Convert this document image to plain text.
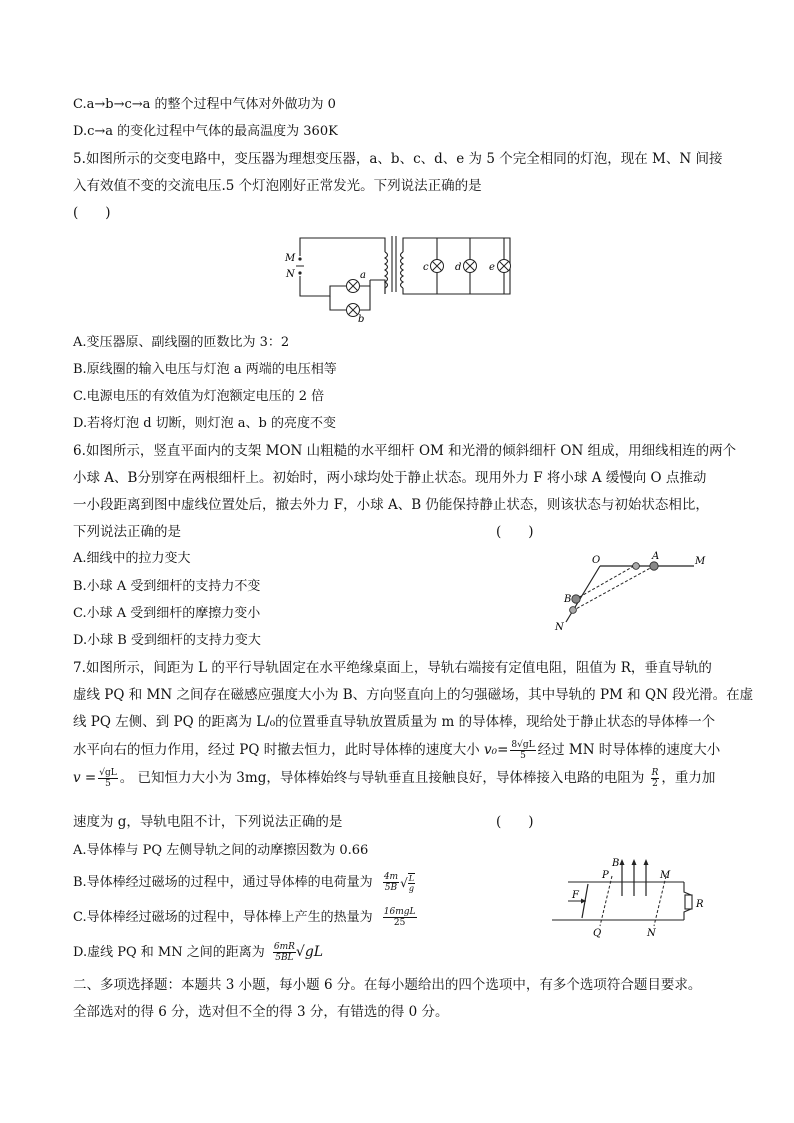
C.a→b→c→a 的整个过程中气体对外做功为 0
D.c→a 的变化过程中气体的最高温度为 360K
5.如图所示的交变电路中，变压器为理想变压器，a、b、c、d、e 为 5 个完全相同的灯泡，现在 M、N 间接
入有效值不变的交流电压.5 个灯泡刚好正常发光。下列说法正确的是
(　　)
M
N	a
b
c	d	e
A.变压器原、副线圈的匝数比为 3：2
B.原线圈的输入电压与灯泡 a 两端的电压相等
C.电源电压的有效值为灯泡额定电压的 2 倍
D.若将灯泡 d 切断，则灯泡 a、b 的亮度不变
6.如图所示，竖直平面内的支架 MON 山粗糙的水平细杆 OM 和光滑的倾斜细杆 ON 组成，用细线相连的两个
小球 A、B分别穿在两根细杆上。初始时，两小球均处于静止状态。现用外力 F 将小球 A 缓慢向 O 点推动
一小段距离到图中虚线位置处后，撤去外力 F，小球 A、B 仍能保持静止状态，则该状态与初始状态相比，
下列说法正确的是	(　　)
A.细线中的拉力变大
B.小球 A 受到细杆的支持力不变
C.小球 A 受到细杆的摩擦力变小
D.小球 B 受到细杆的支持力变大
O	A	M
B
N
7.如图所示，间距为 L 的平行导轨固定在水平绝缘桌面上，导轨右端接有定值电阻，阻值为 R，垂直导轨的
虚线 PQ 和 MN 之间存在磁感应强度大小为 B、方向竖直向上的匀强磁场，其中导轨的 PM 和 QN 段光滑。在虚
线 PQ 左侧、到 PQ 的距离为 L/₀的位置垂直导轨放置质量为 m 的导体棒，现给处于静止状态的导体棒一个
水平向右的恒力作用，经过 PQ 时撤去恒力，此时导体棒的速度大小 $v_0= \frac{8√gL}{5}$ 经过 MN 时导体棒的速度大小
$v = \frac{√gL}{5}$ 。 已知恒力大小为 3mg，导体棒始终与导轨垂直且接触良好，导体棒接入电路的电阻为 $\frac{R}{2}$ ，重力加
速度为 g，导轨电阻不计，下列说法正确的是	(　　)
A.导体棒与 PQ 左侧导轨之间的动摩擦因数为 0.66
B.导体棒经过磁场的过程中，通过导体棒的电荷量为 $\frac{4m}{5B}$ √ $\frac{L}{g}$
C.导体棒经过磁场的过程中，导体棒上产生的热量为 16mgL
25
D.虚线 PQ 和 MN 之间的距离为 $\frac{6mR}{5BL} √gL$
B
P	M
F
R
Q	N
二、多项选择题：本题共 3 小题，每小题 6 分。在每小题给出的四个选项中，有多个选项符合题目要求。
全部选对的得 6 分，选对但不全的得 3 分，有错选的得 0 分。
